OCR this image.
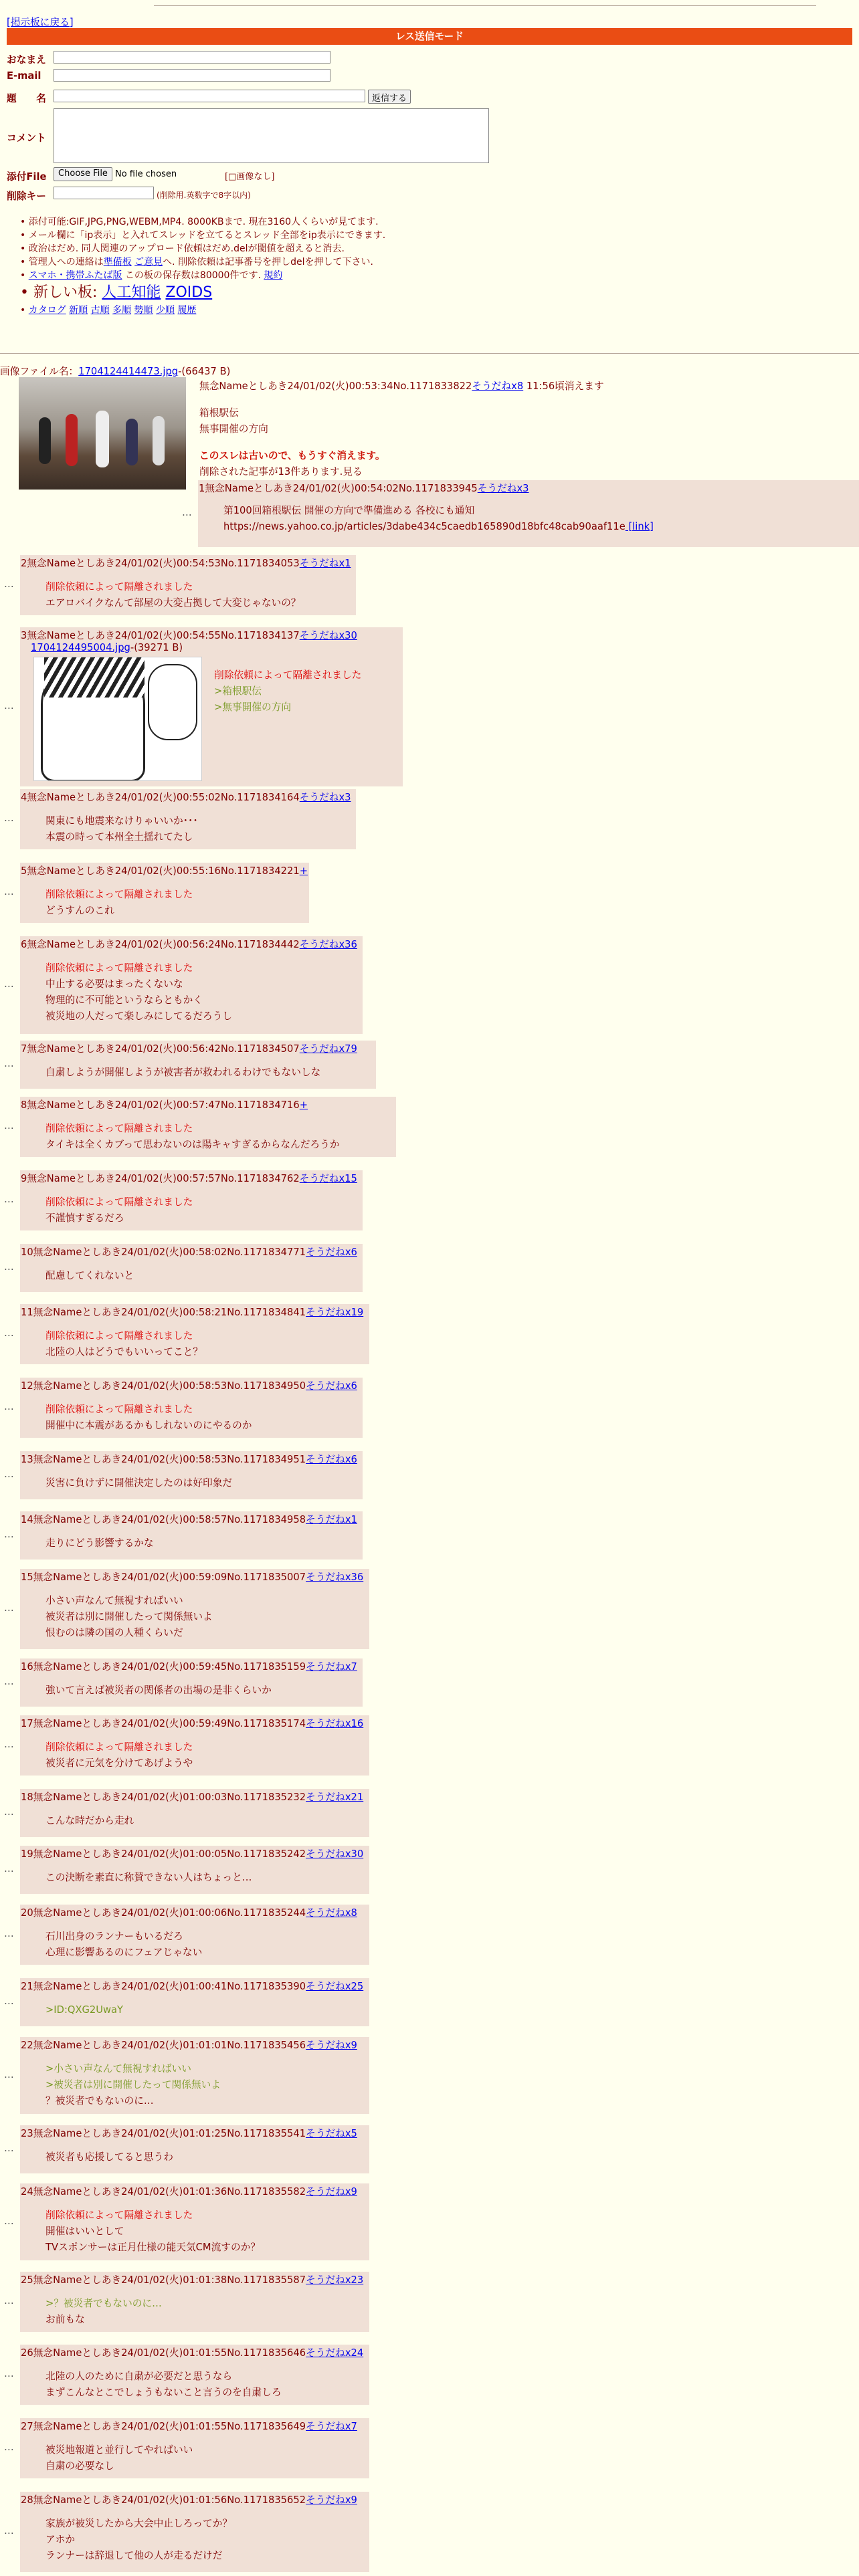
[掲示板に戻る]
レス送信モード
おなまえ
E-mail
題　　名	返信する
コメント
添付File	Choose File No file chosen	[□画像なし]
削除キー	(削除用.英数字で8字以内)
• 添付可能:GIF,JPG,PNG,WEBM,MP4. 8000KBまで. 現在3160人くらいが見てます.
• メール欄に「ip表示」と入れてスレッドを立てるとスレッド全部をip表示にできます.
• 政治はだめ. 同人関連のアップロード依頼はだめ.delが閾値を超えると消去.
• 管理人への連絡は準備板 ご意見へ. 削除依頼は記事番号を押しdelを押して下さい.
• スマホ・携帯ふたば版 この板の保存数は80000件です. 規約
• 新しい板: 人工知能 ZOIDS
• カタログ 新順 古順 多順 勢順 少順 履歴
画像ファイル名：1704124414473.jpg-(66437 B)
無念Nameとしあき24/01/02(火)00:53:34No.1171833822そうだねx8 11:56頃消えます
箱根駅伝
無事開催の方向
このスレは古いので、もうすぐ消えます。
削除された記事が13件あります.見る
…
1無念Nameとしあき24/01/02(火)00:54:02No.1171833945そうだねx3
第100回箱根駅伝 開催の方向で準備進める 各校にも通知
https://news.yahoo.co.jp/articles/3dabe434c5caedb165890d18bfc48cab90aaf11e [link]
…
2無念Nameとしあき24/01/02(火)00:54:53No.1171834053そうだねx1
削除依頼によって隔離されました
エアロバイクなんて部屋の大変占拠して大変じゃないの？
…
3無念Nameとしあき24/01/02(火)00:54:55No.1171834137そうだねx30
1704124495004.jpg-(39271 B)
削除依頼によって隔離されました
>箱根駅伝
>無事開催の方向
…
4無念Nameとしあき24/01/02(火)00:55:02No.1171834164そうだねx3
関東にも地震来なけりゃいいか･･･
本震の時って本州全土揺れてたし
…
5無念Nameとしあき24/01/02(火)00:55:16No.1171834221+
削除依頼によって隔離されました
どうすんのこれ
…
6無念Nameとしあき24/01/02(火)00:56:24No.1171834442そうだねx36
削除依頼によって隔離されました
中止する必要はまったくないな
物理的に不可能というならともかく
被災地の人だって楽しみにしてるだろうし
…
7無念Nameとしあき24/01/02(火)00:56:42No.1171834507そうだねx79
自粛しようが開催しようが被害者が救われるわけでもないしな
…
8無念Nameとしあき24/01/02(火)00:57:47No.1171834716+
削除依頼によって隔離されました
タイキは全くカブって思わないのは陽キャすぎるからなんだろうか
…
9無念Nameとしあき24/01/02(火)00:57:57No.1171834762そうだねx15
削除依頼によって隔離されました
不謹慎すぎるだろ
…
10無念Nameとしあき24/01/02(火)00:58:02No.1171834771そうだねx6
配慮してくれないと
…
11無念Nameとしあき24/01/02(火)00:58:21No.1171834841そうだねx19
削除依頼によって隔離されました
北陸の人はどうでもいいってこと？
…
12無念Nameとしあき24/01/02(火)00:58:53No.1171834950そうだねx6
削除依頼によって隔離されました
開催中に本震があるかもしれないのにやるのか
…
13無念Nameとしあき24/01/02(火)00:58:53No.1171834951そうだねx6
災害に負けずに開催決定したのは好印象だ
…
14無念Nameとしあき24/01/02(火)00:58:57No.1171834958そうだねx1
走りにどう影響するかな
…
15無念Nameとしあき24/01/02(火)00:59:09No.1171835007そうだねx36
小さい声なんて無視すればいい
被災者は別に開催したって関係無いよ
恨むのは隣の国の人種くらいだ
…
16無念Nameとしあき24/01/02(火)00:59:45No.1171835159そうだねx7
強いて言えば被災者の関係者の出場の是非くらいか
…
17無念Nameとしあき24/01/02(火)00:59:49No.1171835174そうだねx16
削除依頼によって隔離されました
被災者に元気を分けてあげようや
…
18無念Nameとしあき24/01/02(火)01:00:03No.1171835232そうだねx21
こんな時だから走れ
…
19無念Nameとしあき24/01/02(火)01:00:05No.1171835242そうだねx30
この決断を素直に称賛できない人はちょっと…
…
20無念Nameとしあき24/01/02(火)01:00:06No.1171835244そうだねx8
石川出身のランナーもいるだろ
心理に影響あるのにフェアじゃない
…
21無念Nameとしあき24/01/02(火)01:00:41No.1171835390そうだねx25
>ID:QXG2UwaY
…
22無念Nameとしあき24/01/02(火)01:01:01No.1171835456そうだねx9
>小さい声なんて無視すればいい
>被災者は別に開催したって関係無いよ
？被災者でもないのに…
…
23無念Nameとしあき24/01/02(火)01:01:25No.1171835541そうだねx5
被災者も応援してると思うわ
…
24無念Nameとしあき24/01/02(火)01:01:36No.1171835582そうだねx9
削除依頼によって隔離されました
開催はいいとして
TVスポンサーは正月仕様の能天気CM流すのか？
…
25無念Nameとしあき24/01/02(火)01:01:38No.1171835587そうだねx23
>？被災者でもないのに…
お前もな
…
26無念Nameとしあき24/01/02(火)01:01:55No.1171835646そうだねx24
北陸の人のために自粛が必要だと思うなら
まずこんなとこでしょうもないこと言うのを自粛しろ
…
27無念Nameとしあき24/01/02(火)01:01:55No.1171835649そうだねx7
被災地報道と並行してやればいい
自粛の必要なし
…
28無念Nameとしあき24/01/02(火)01:01:56No.1171835652そうだねx9
家族が被災したから大会中止しろってか？
アホか
ランナーは辞退して他の人が走るだけだ
